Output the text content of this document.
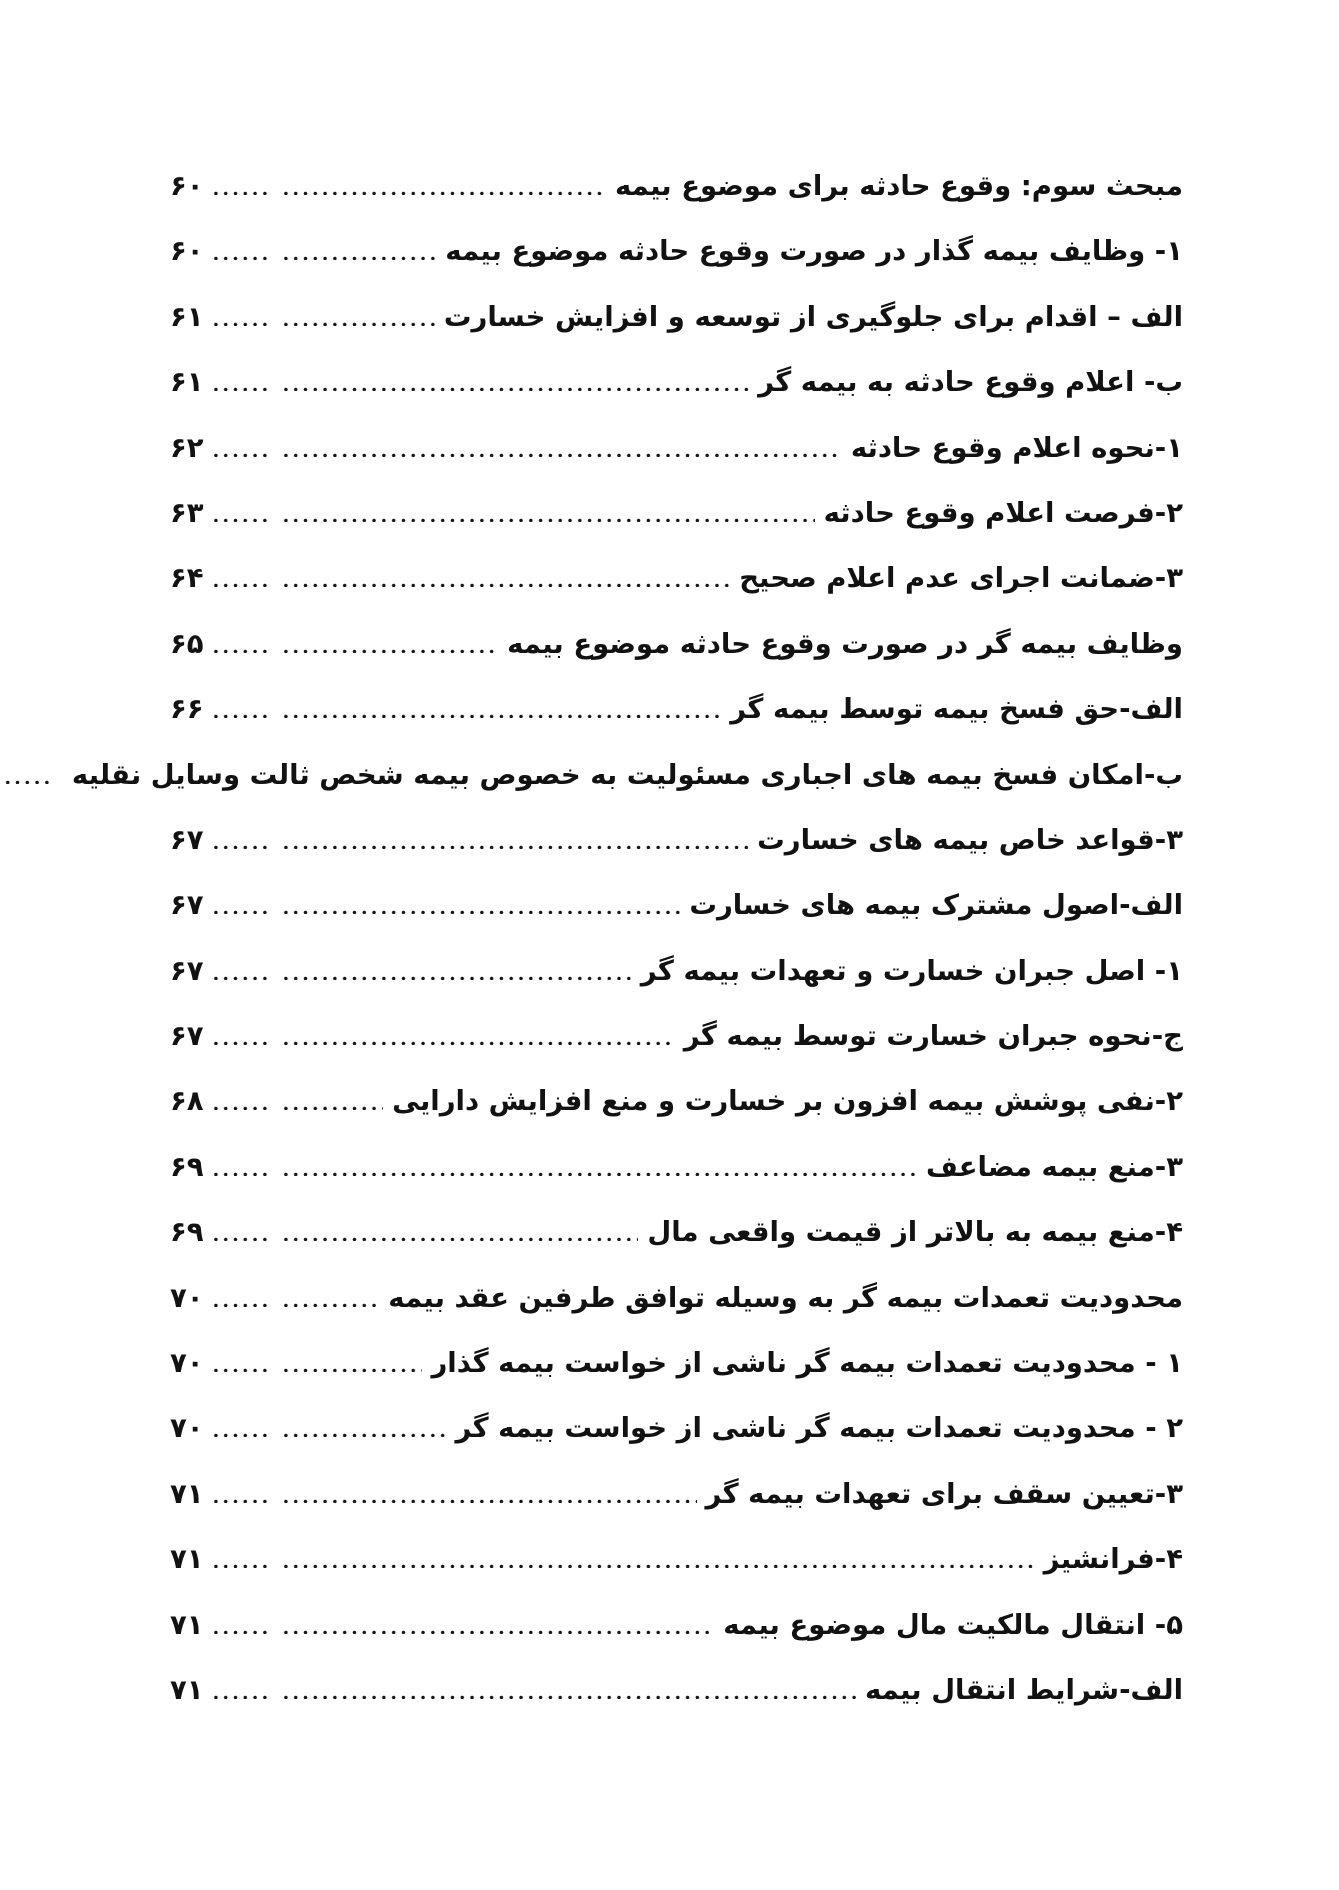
مبحث سوم: وقوع حادثه برای موضوع بیمه
۶۰
۱- وظایف بیمه گذار در صورت وقوع حادثه موضوع بیمه
۶۰
الف – اقدام برای جلوگیری از توسعه و افزایش خسارت
۶۱
ب- اعلام وقوع حادثه به بیمه گر
۶۱
۱-نحوه اعلام وقوع حادثه
۶۲
۲-فرصت اعلام وقوع حادثه
۶۳
۳-ضمانت اجرای عدم اعلام صحیح
۶۴
وظایف بیمه گر در صورت وقوع حادثه موضوع بیمه
۶۵
الف-حق فسخ بیمه توسط بیمه گر
۶۶
ب-امکان فسخ بیمه های اجباری مسئولیت به خصوص بیمه شخص ثالت وسایل نقلیه
۳-قواعد خاص بیمه های خسارت
۶۷
الف-اصول مشترک بیمه های خسارت
۶۷
۱- اصل جبران خسارت و تعهدات بیمه گر
۶۷
ج-نحوه جبران خسارت توسط بیمه گر
۶۷
۲-نفی پوشش بیمه افزون بر خسارت و منع افزایش دارایی
۶۸
۳-منع بیمه مضاعف
۶۹
۴-منع بیمه به بالاتر از قیمت واقعی مال
۶۹
محدودیت تعمدات بیمه گر به وسیله توافق طرفین عقد بیمه
۷۰
۱ - محدودیت تعمدات بیمه گر ناشی از خواست بیمه گذار
۷۰
۲ - محدودیت تعمدات بیمه گر ناشی از خواست بیمه گر
۷۰
۳-تعیین سقف برای تعهدات بیمه گر
۷۱
۴-فرانشیز
۷۱
۵- انتقال مالکیت مال موضوع بیمه
۷۱
الف-شرایط انتقال بیمه
۷۱
